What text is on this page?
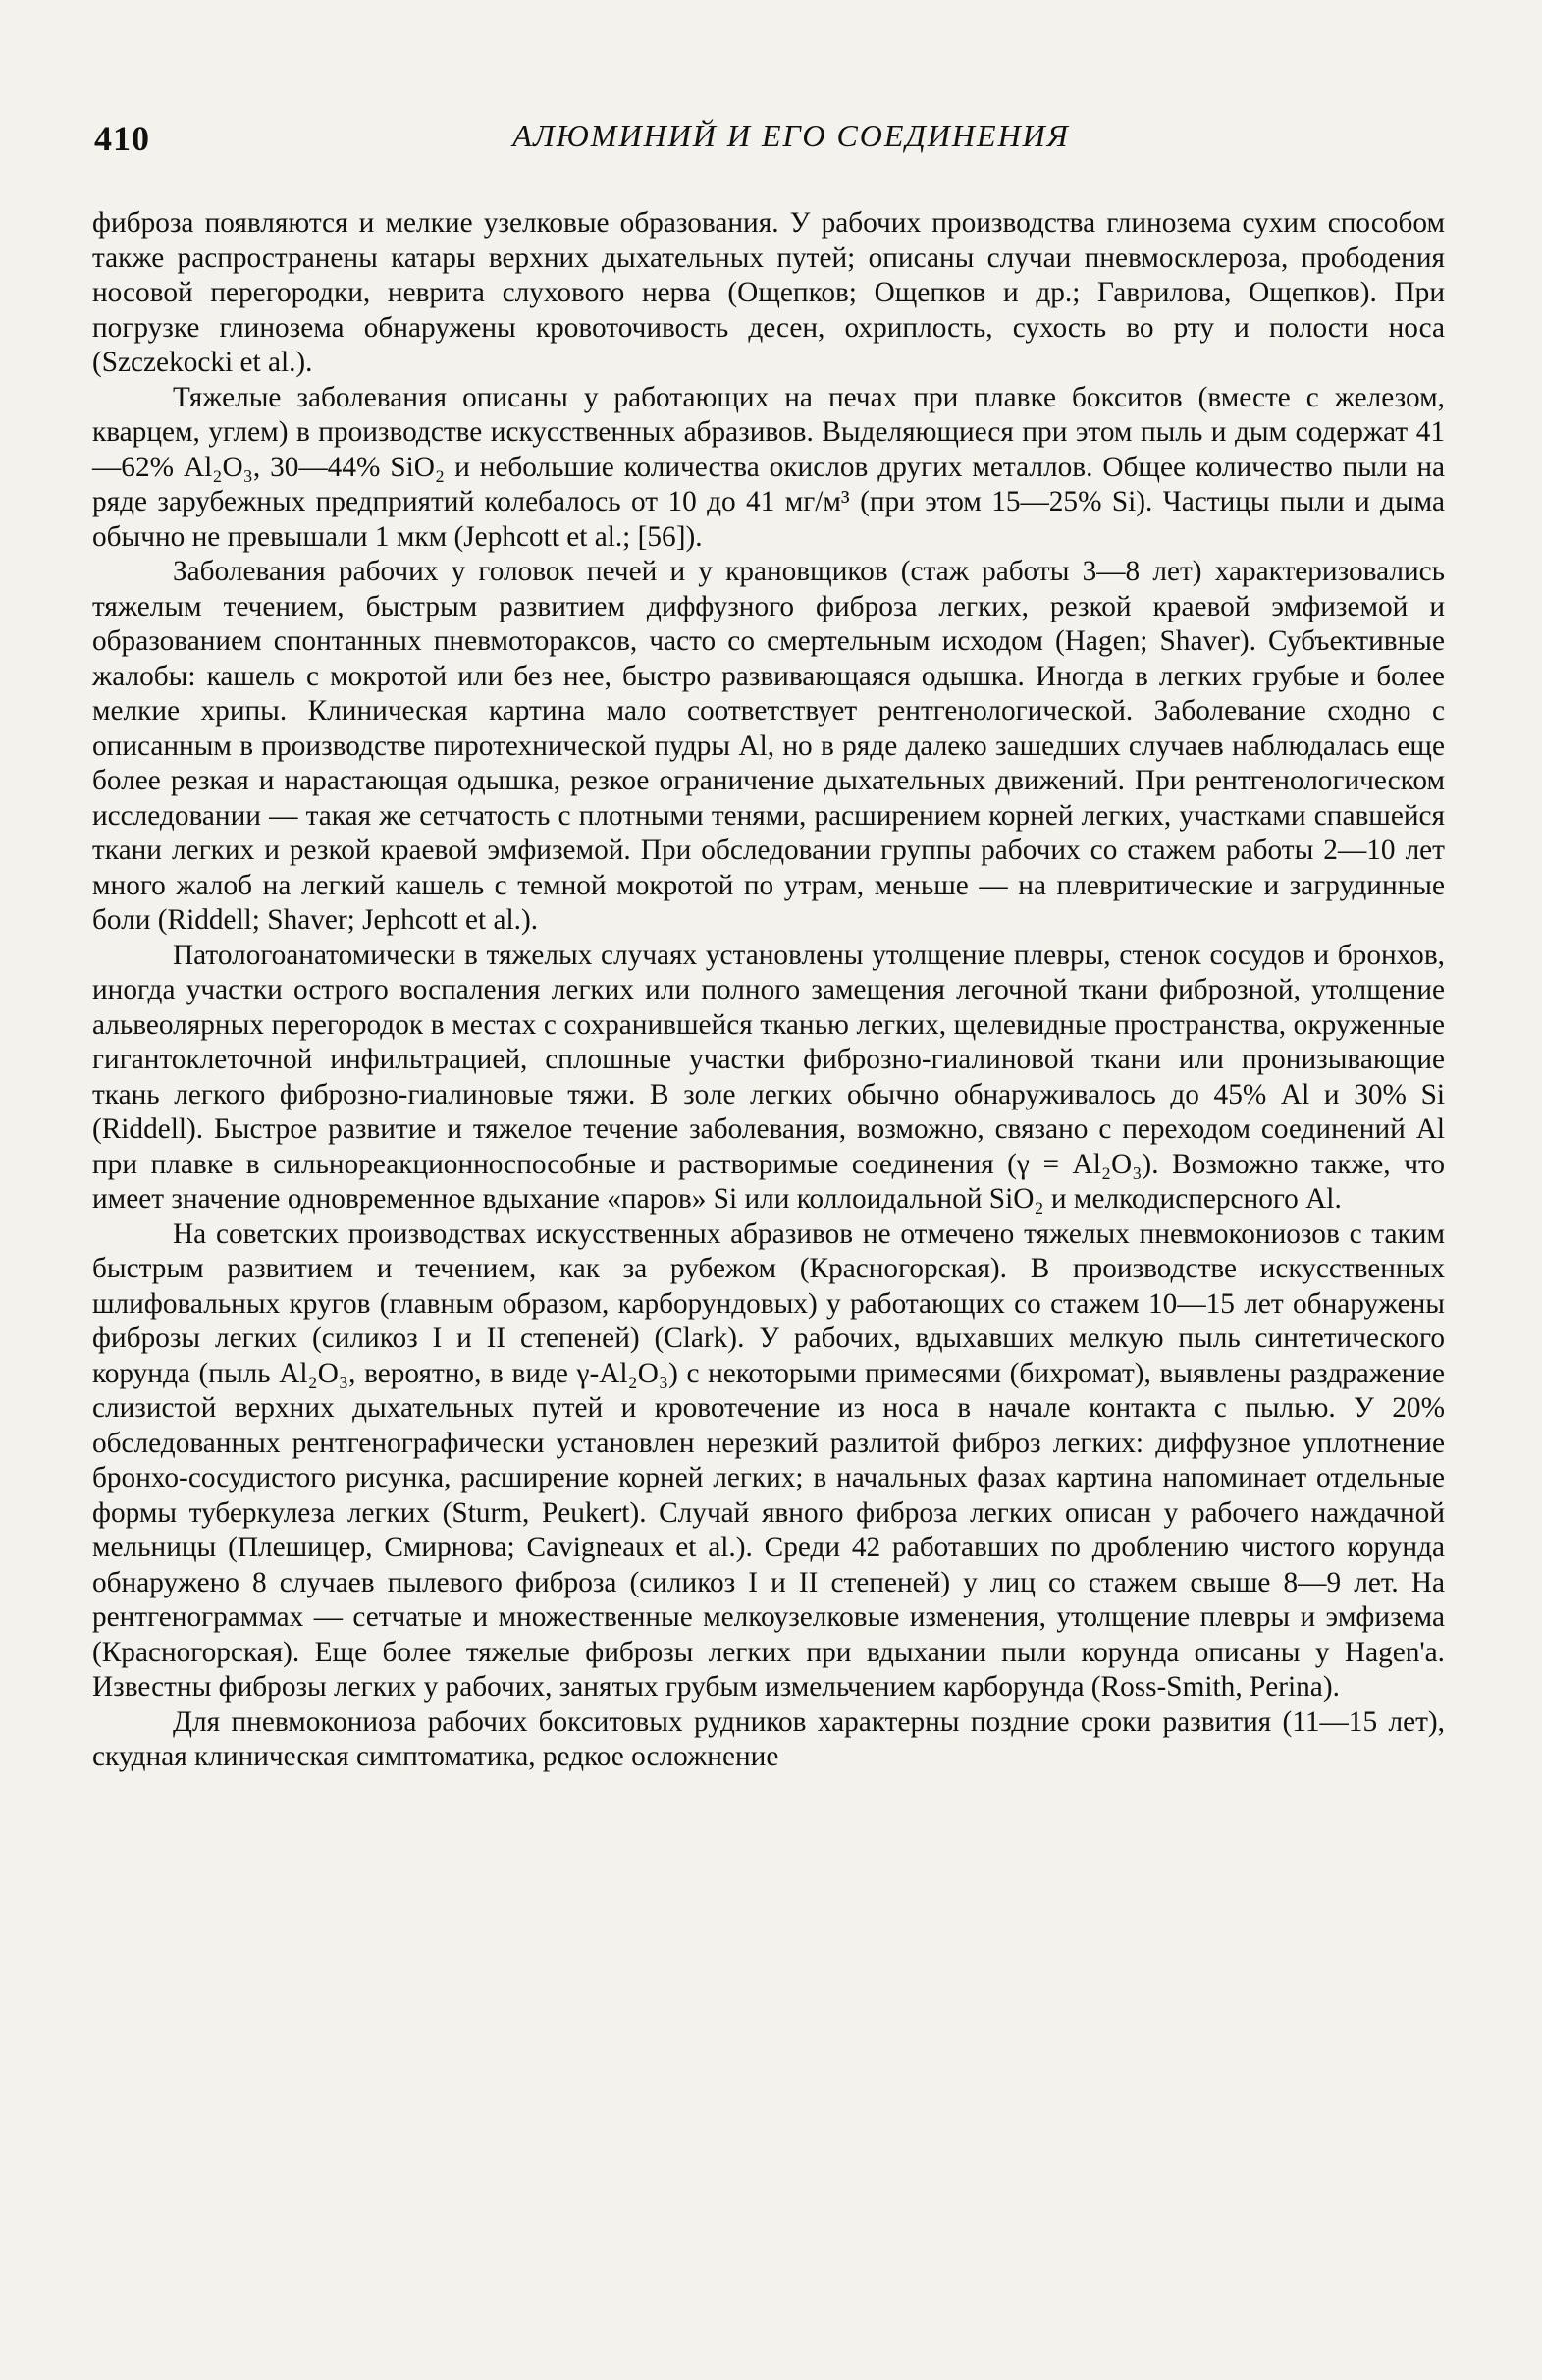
410	АЛЮМИНИЙ И ЕГО СОЕДИНЕНИЯ

фиброза появляются и мелкие узелковые образования. У рабочих производства глинозема сухим способом также распространены катары верхних дыхательных путей; описаны случаи пневмосклероза, прободения носовой перегородки, неврита слухового нерва (Ощепков; Ощепков и др.; Гаврилова, Ощепков). При погрузке глинозема обнаружены кровоточивость десен, охриплость, сухость во рту и полости носа (Szczekocki et al.).

Тяжелые заболевания описаны у работающих на печах при плавке бокситов (вместе с железом, кварцем, углем) в производстве искусственных абразивов. Выделяющиеся при этом пыль и дым содержат 41—62% Al₂O₃, 30—44% SiO₂ и небольшие количества окислов других металлов. Общее количество пыли на ряде зарубежных предприятий колебалось от 10 до 41 мг/м³ (при этом 15—25% Si). Частицы пыли и дыма обычно не превышали 1 мкм (Jephcott et al.; [56]).

Заболевания рабочих у головок печей и у крановщиков (стаж работы 3—8 лет) характеризовались тяжелым течением, быстрым развитием диффузного фиброза легких, резкой краевой эмфиземой и образованием спонтанных пневмотораксов, часто со смертельным исходом (Hagen; Shaver). Субъективные жалобы: кашель с мокротой или без нее, быстро развивающаяся одышка. Иногда в легких грубые и более мелкие хрипы. Клиническая картина мало соответствует рентгенологической. Заболевание сходно с описанным в производстве пиротехнической пудры Al, но в ряде далеко зашедших случаев наблюдалась еще более резкая и нарастающая одышка, резкое ограничение дыхательных движений. При рентгенологическом исследовании — такая же сетчатость с плотными тенями, расширением корней легких, участками спавшейся ткани легких и резкой краевой эмфиземой. При обследовании группы рабочих со стажем работы 2—10 лет много жалоб на легкий кашель с темной мокротой по утрам, меньше — на плевритические и загрудинные боли (Riddell; Shaver; Jephcott et al.).

Патологоанатомически в тяжелых случаях установлены утолщение плевры, стенок сосудов и бронхов, иногда участки острого воспаления легких или полного замещения легочной ткани фиброзной, утолщение альвеолярных перегородок в местах с сохранившейся тканью легких, щелевидные пространства, окруженные гигантоклеточной инфильтрацией, сплошные участки фиброзно-гиалиновой ткани или пронизывающие ткань легкого фиброзно-гиалиновые тяжи. В золе легких обычно обнаруживалось до 45% Al и 30% Si (Riddell). Быстрое развитие и тяжелое течение заболевания, возможно, связано с переходом соединений Al при плавке в сильнореакционноспособные и растворимые соединения (γ = Al₂O₃). Возможно также, что имеет значение одновременное вдыхание «паров» Si или коллоидальной SiO₂ и мелкодисперсного Al.

На советских производствах искусственных абразивов не отмечено тяжелых пневмокониозов с таким быстрым развитием и течением, как за рубежом (Красногорская). В производстве искусственных шлифовальных кругов (главным образом, карборундовых) у работающих со стажем 10—15 лет обнаружены фиброзы легких (силикоз I и II степеней) (Clark). У рабочих, вдыхавших мелкую пыль синтетического корунда (пыль Al₂O₃, вероятно, в виде γ-Al₂O₃) с некоторыми примесями (бихромат), выявлены раздражение слизистой верхних дыхательных путей и кровотечение из носа в начале контакта с пылью. У 20% обследованных рентгенографически установлен нерезкий разлитой фиброз легких: диффузное уплотнение бронхо-сосудистого рисунка, расширение корней легких; в начальных фазах картина напоминает отдельные формы туберкулеза легких (Sturm, Peukert). Случай явного фиброза легких описан у рабочего наждачной мельницы (Плешицер, Смирнова; Cavigneaux et al.). Среди 42 работавших по дроблению чистого корунда обнаружено 8 случаев пылевого фиброза (силикоз I и II степеней) у лиц со стажем свыше 8—9 лет. На рентгенограммах — сетчатые и множественные мелкоузелковые изменения, утолщение плевры и эмфизема (Красногорская). Еще более тяжелые фиброзы легких при вдыхании пыли корунда описаны у Hagen'a. Известны фиброзы легких у рабочих, занятых грубым измельчением карборунда (Ross-Smith, Perina).

Для пневмокониоза рабочих бокситовых рудников характерны поздние сроки развития (11—15 лет), скудная клиническая симптоматика, редкое осложнение
